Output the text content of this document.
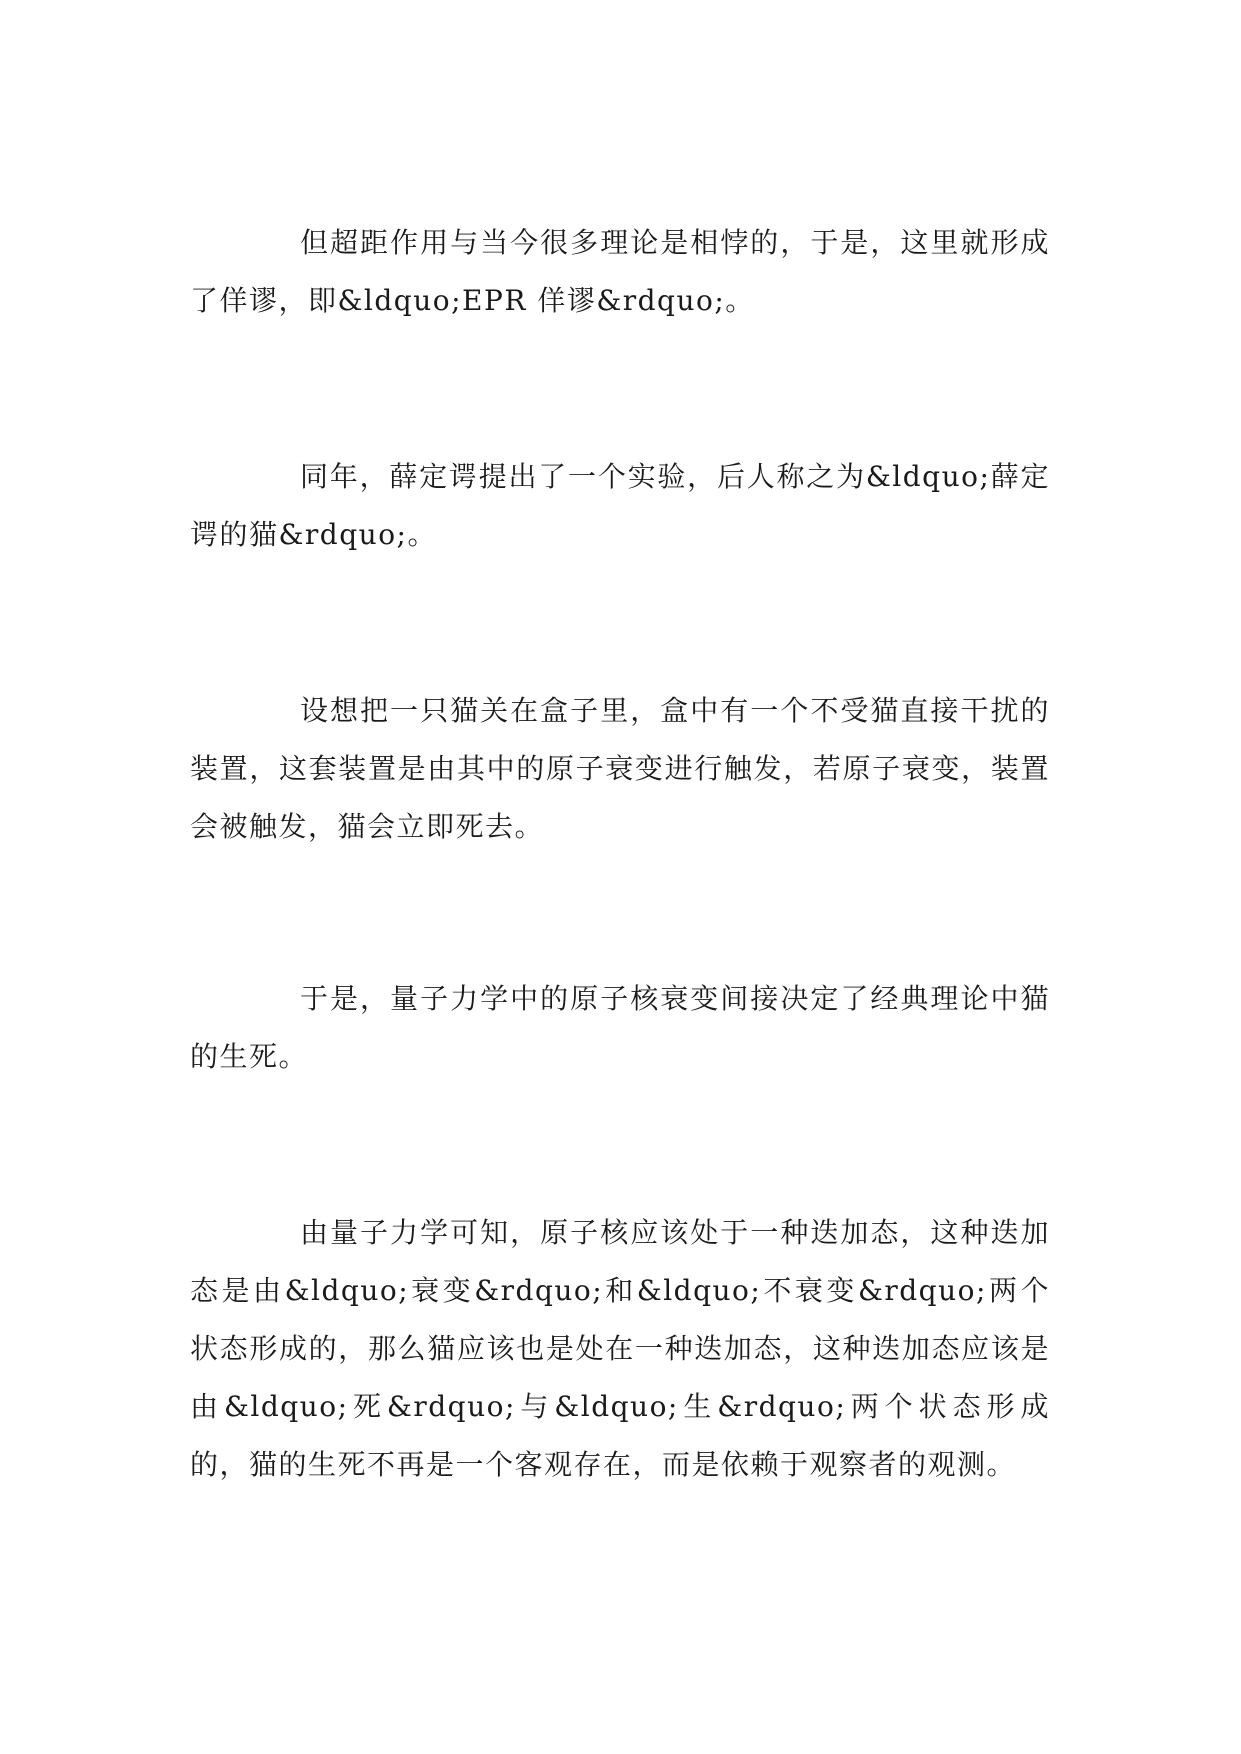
但超距作用与当今很多理论是相悖的，于是，这里就形成了佯谬，即&ldquo;EPR 佯谬&rdquo;。

同年，薛定谔提出了一个实验，后人称之为&ldquo;薛定谔的猫&rdquo;。

设想把一只猫关在盒子里，盒中有一个不受猫直接干扰的装置，这套装置是由其中的原子衰变进行触发，若原子衰变，装置会被触发，猫会立即死去。

于是，量子力学中的原子核衰变间接决定了经典理论中猫的生死。

由量子力学可知，原子核应该处于一种迭加态，这种迭加态是由&ldquo;衰变&rdquo;和&ldquo;不衰变&rdquo;两个状态形成的，那么猫应该也是处在一种迭加态，这种迭加态应该是由&ldquo;死&rdquo;与&ldquo;生&rdquo;两个状态形成的，猫的生死不再是一个客观存在，而是依赖于观察者的观测。
